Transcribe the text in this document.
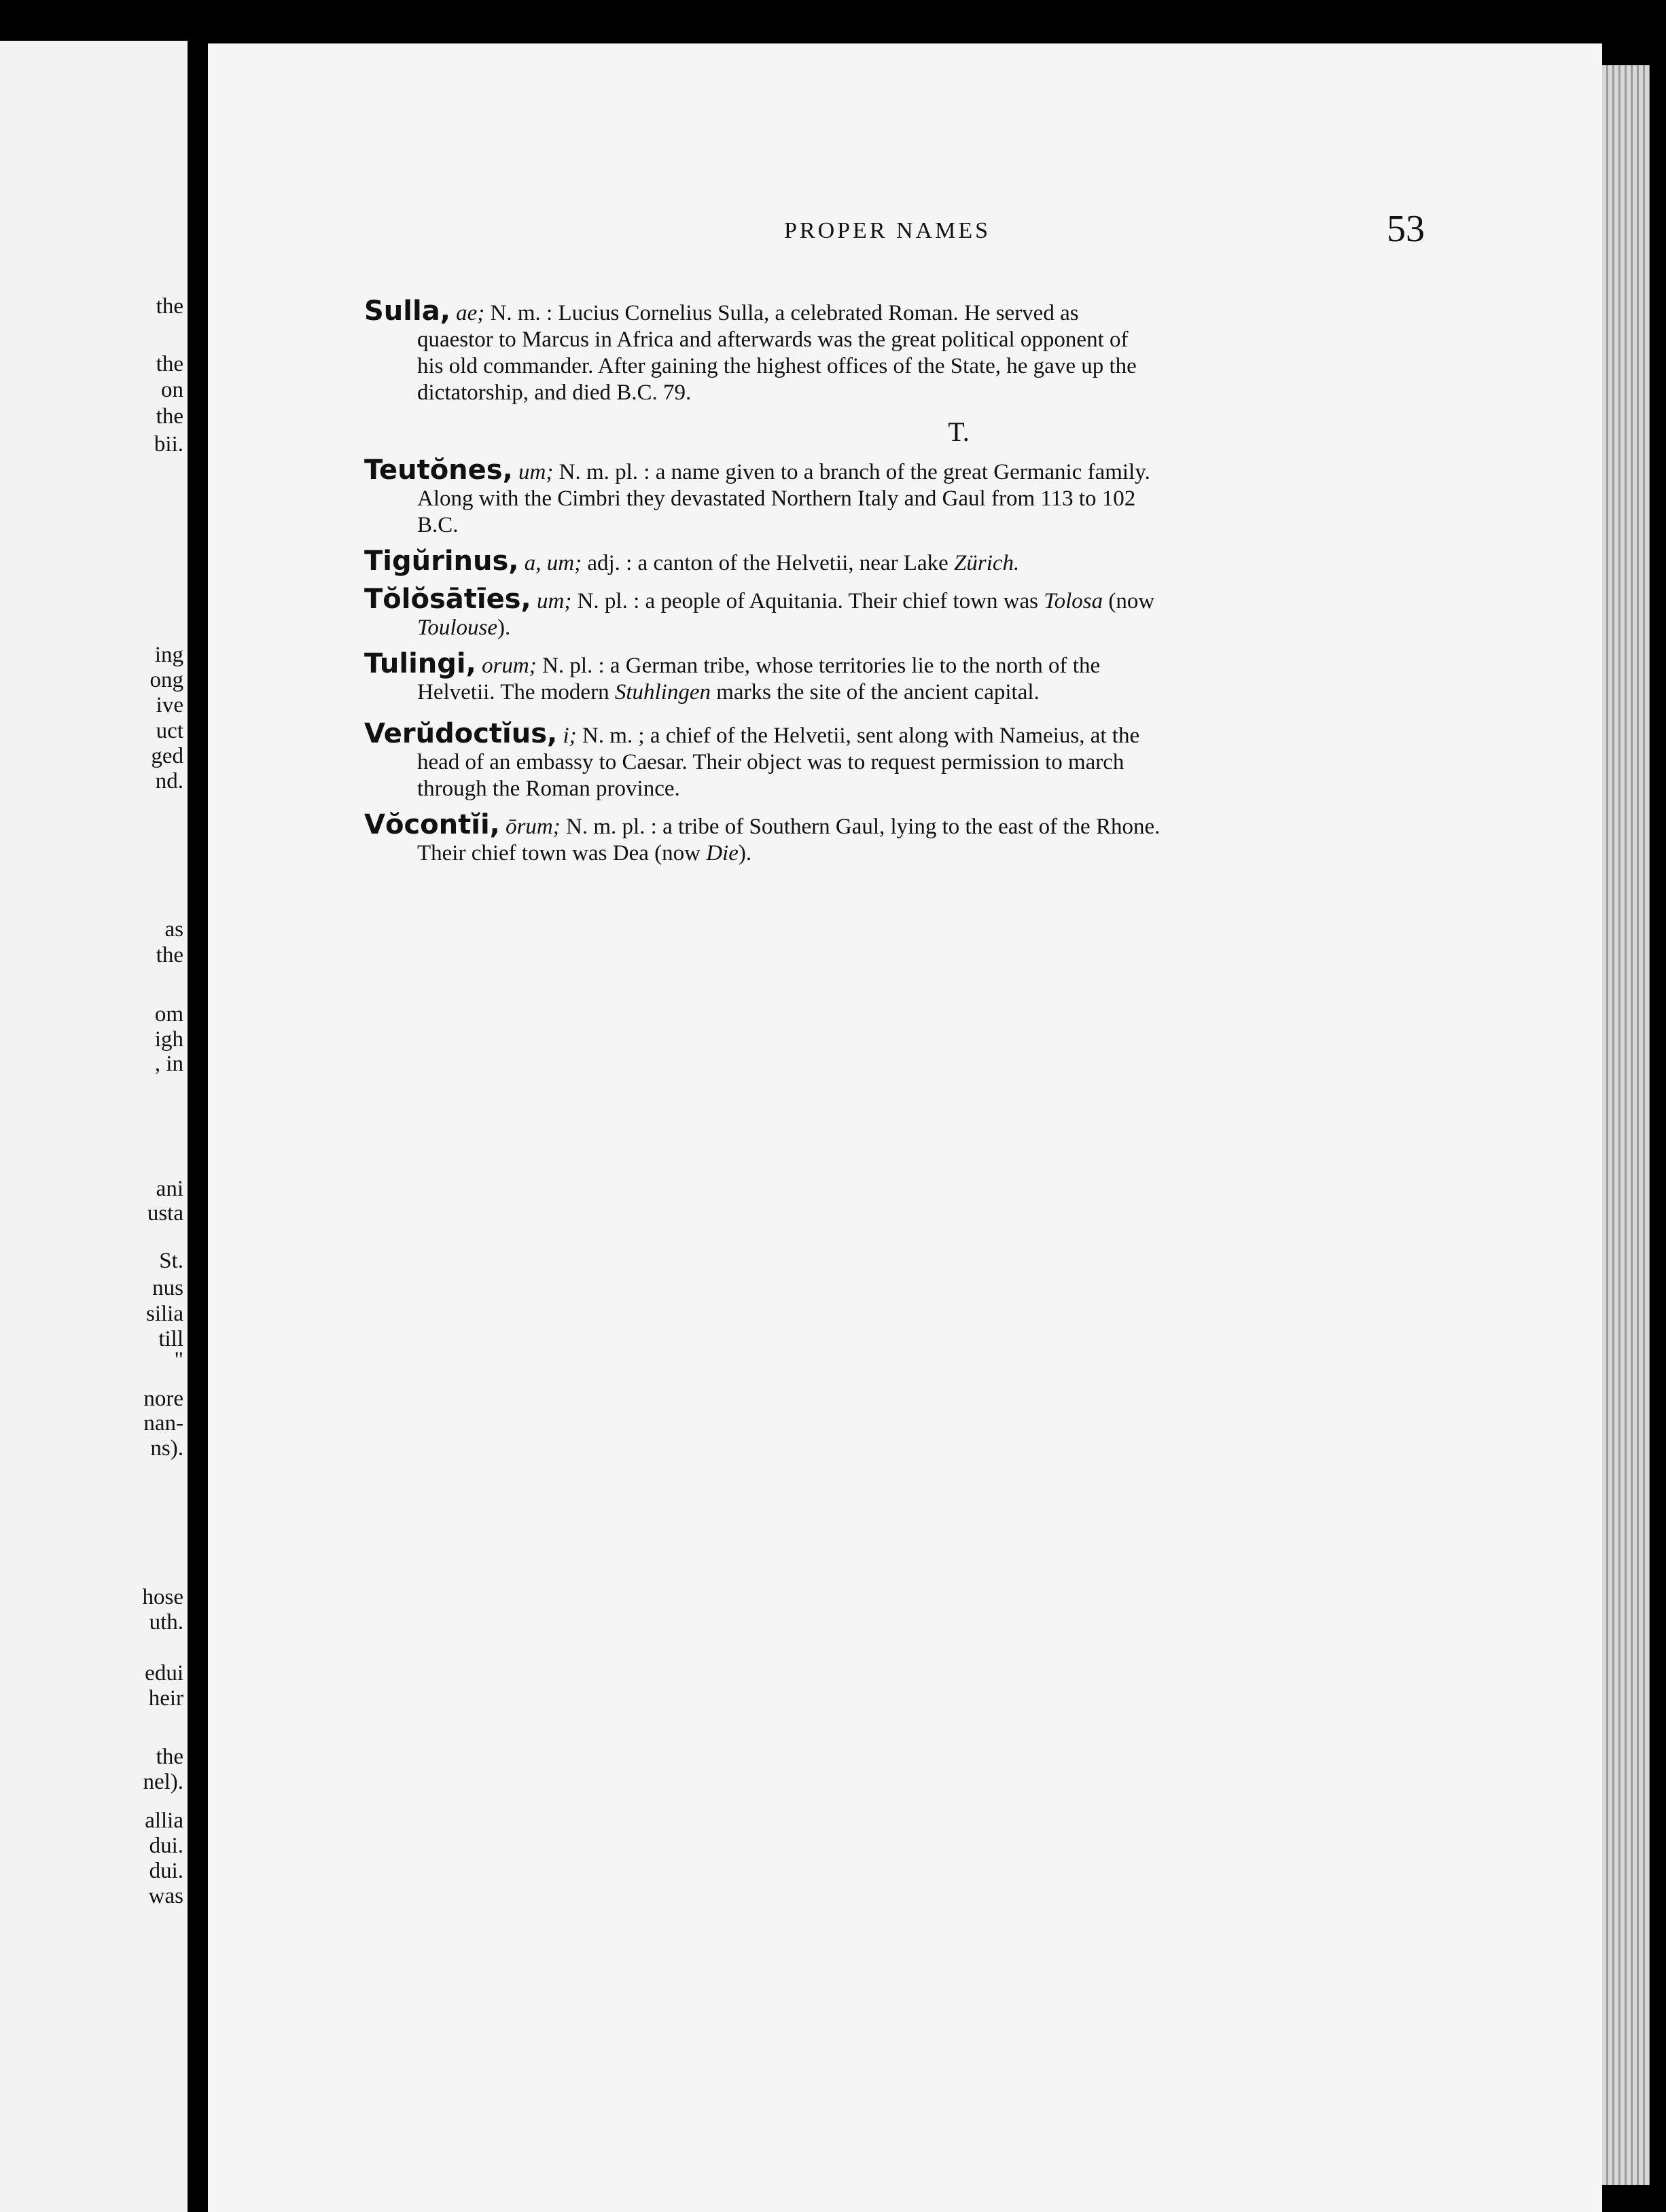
the
the
on
the
bii.
ing
ong
ive
uct
ged
nd.
as
the
om
igh
, in
ani
usta
St.
nus
silia
till
"
nore
nan-
ns).
hose
uth.
edui
heir
the
nel).
allia
dui.
dui.
was
PROPER NAMES	53
Sulla, ae; N. m. : Lucius Cornelius Sulla, a celebrated Roman. He served as
quaestor to Marcus in Africa and afterwards was the great political opponent of
his old commander. After gaining the highest offices of the State, he gave up the
dictatorship, and died B.C. 79.
T.
Teutŏnes, um; N. m. pl. : a name given to a branch of the great Germanic family.
Along with the Cimbri they devastated Northern Italy and Gaul from 113 to 102
B.C.
Tigŭrinus, a, um; adj. : a canton of the Helvetii, near Lake Zürich.
Tŏlŏsātīes, um; N. pl. : a people of Aquitania. Their chief town was Tolosa (now
Toulouse).
Tulingi, orum; N. pl. : a German tribe, whose territories lie to the north of the
Helvetii. The modern Stuhlingen marks the site of the ancient capital.
Verŭdoctĭus, i; N. m. ; a chief of the Helvetii, sent along with Nameius, at the
head of an embassy to Caesar. Their object was to request permission to march
through the Roman province.
Vŏcontĭi, ōrum; N. m. pl. : a tribe of Southern Gaul, lying to the east of the Rhone.
Their chief town was Dea (now Die).
